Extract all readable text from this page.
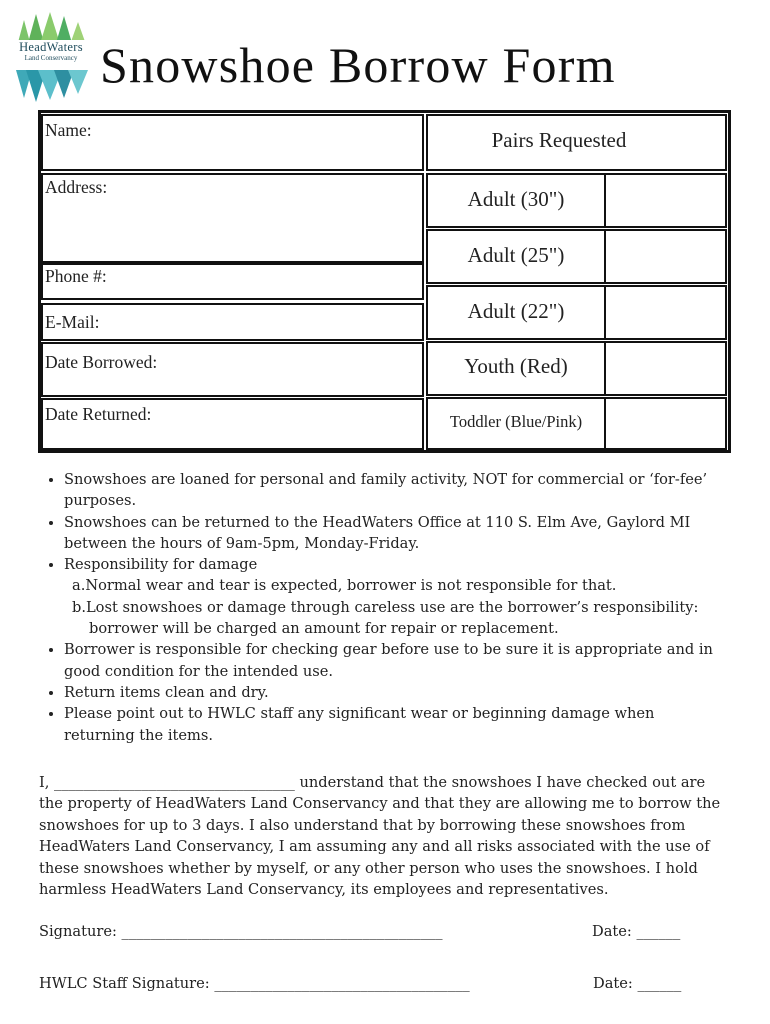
HeadWaters
Land Conservancy Snowshoe Borrow Form
Name:
Address:
Phone #:
E-Mail:
Date Borrowed:
Date Returned:
Pairs Requested
Adult (30")
Adult (25")
Adult (22")
Youth (Red)
Toddler (Blue/Pink)
• Snowshoes are loaned for personal and family activity, NOT for commercial or ‘for-fee’ purposes.
• Snowshoes can be returned to the HeadWaters Office at 110 S. Elm Ave, Gaylord MI between the hours of 9am-5pm, Monday-Friday.
• Responsibility for damage
a.Normal wear and tear is expected, borrower is not responsible for that.
b.Lost snowshoes or damage through careless use are the borrower’s responsibility: borrower will be charged an amount for repair or replacement.
• Borrower is responsible for checking gear before use to be sure it is appropriate and in good condition for the intended use.
• Return items clean and dry.
• Please point out to HWLC staff any significant wear or beginning damage when returning the items.
I, _________________________________ understand that the snowshoes I have checked out are the property of HeadWaters Land Conservancy and that they are allowing me to borrow the snowshoes for up to 3 days. I also understand that by borrowing these snowshoes from HeadWaters Land Conservancy, I am assuming any and all risks associated with the use of these snowshoes whether by myself, or any other person who uses the snowshoes. I hold harmless HeadWaters Land Conservancy, its employees and representatives.
Signature: ____________________________________________	Date: ______
HWLC Staff Signature: ___________________________________	Date: ______
